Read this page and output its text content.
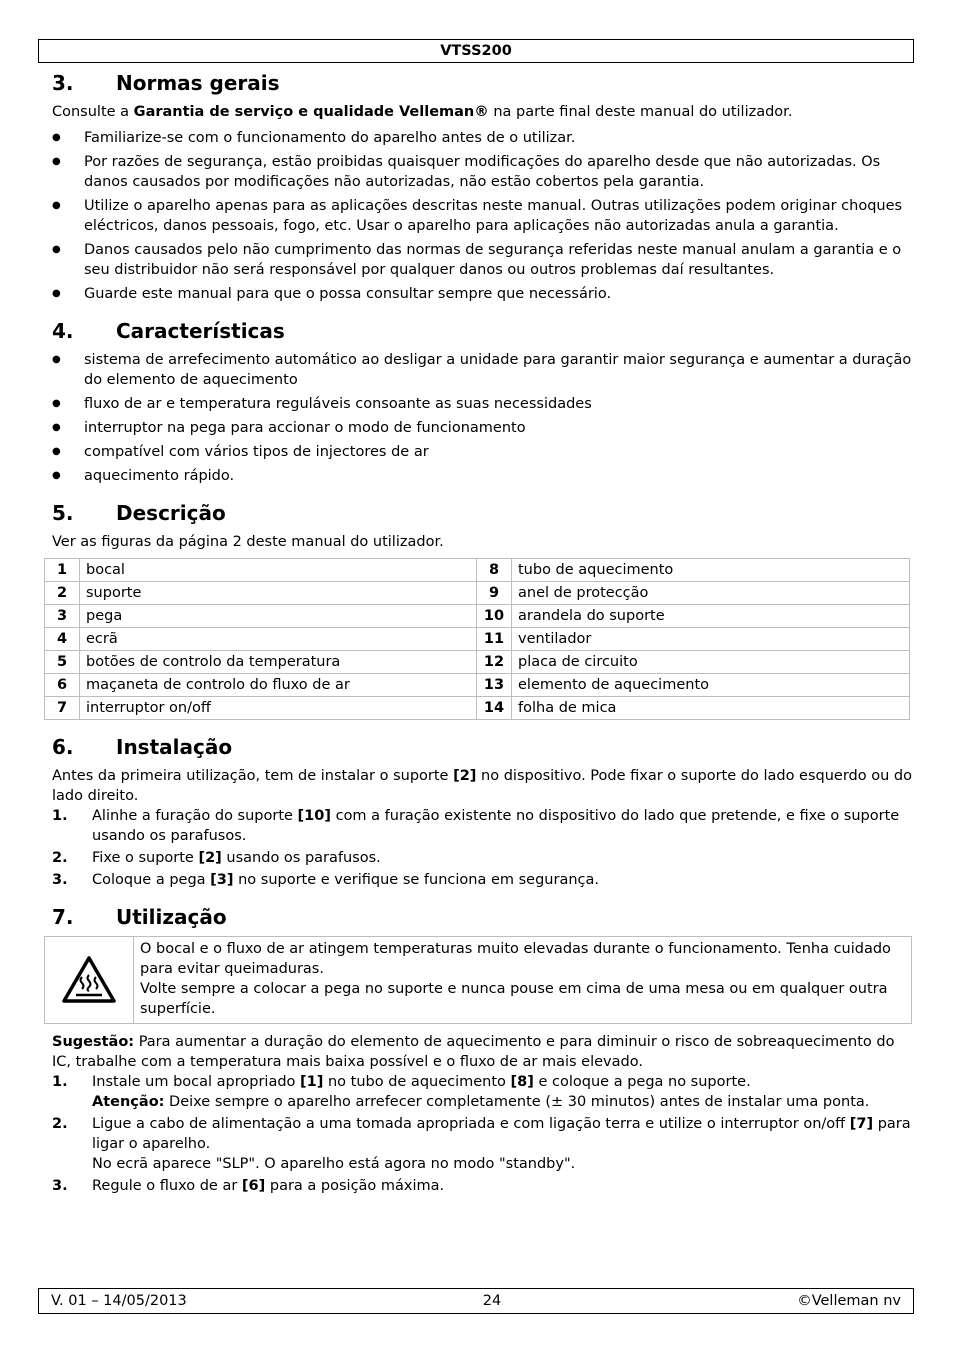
VTSS200
3.	Normas gerais

Consulte a Garantia de serviço e qualidade Velleman® na parte final deste manual do utilizador.

● Familiarize-se com o funcionamento do aparelho antes de o utilizar.
● Por razões de segurança, estão proibidas quaisquer modificações do aparelho desde que não autorizadas. Os danos causados por modificações não autorizadas, não estão cobertos pela garantia.
● Utilize o aparelho apenas para as aplicações descritas neste manual. Outras utilizações podem originar choques eléctricos, danos pessoais, fogo, etc. Usar o aparelho para aplicações não autorizadas anula a garantia.
● Danos causados pelo não cumprimento das normas de segurança referidas neste manual anulam a garantia e o seu distribuidor não será responsável por qualquer danos ou outros problemas daí resultantes.
● Guarde este manual para que o possa consultar sempre que necessário.
4.	Características
● sistema de arrefecimento automático ao desligar a unidade para garantir maior segurança e aumentar a duração do elemento de aquecimento
● fluxo de ar e temperatura reguláveis consoante as suas necessidades
● interruptor na pega para accionar o modo de funcionamento
● compatível com vários tipos de injectores de ar
● aquecimento rápido.
5.	Descrição

Ver as figuras da página 2 deste manual do utilizador.

1	bocal	8	tubo de aquecimento
2	suporte	9	anel de protecção
3	pega	10	arandela do suporte
4	ecrã	11	ventilador
5	botões de controlo da temperatura	12	placa de circuito
6	maçaneta de controlo do fluxo de ar	13	elemento de aquecimento
7	interruptor on/off	14	folha de mica
6.	Instalação

Antes da primeira utilização, tem de instalar o suporte [2] no dispositivo. Pode fixar o suporte do lado esquerdo ou do lado direito.

1.	Alinhe a furação do suporte [10] com a furação existente no dispositivo do lado que pretende, e fixe o suporte usando os parafusos.
2.	Fixe o suporte [2] usando os parafusos.
3.	Coloque a pega [3] no suporte e verifique se funciona em segurança.
7.	Utilização

O bocal e o fluxo de ar atingem temperaturas muito elevadas durante o funcionamento. Tenha cuidado para evitar queimaduras.

Volte sempre a colocar a pega no suporte e nunca pouse em cima de uma mesa ou em qualquer outra superfície.

Sugestão: Para aumentar a duração do elemento de aquecimento e para diminuir o risco de sobreaquecimento do IC, trabalhe com a temperatura mais baixa possível e o fluxo de ar mais elevado.

1.	Instale um bocal apropriado [1] no tubo de aquecimento [8] e coloque a pega no suporte.
Atenção: Deixe sempre o aparelho arrefecer completamente (± 30 minutos) antes de instalar uma ponta.
2.	Ligue a cabo de alimentação a uma tomada apropriada e com ligação terra e utilize o interruptor on/off [7] para ligar o aparelho.
No ecrã aparece "SLP". O aparelho está agora no modo "standby".
3.	Regule o fluxo de ar [6] para a posição máxima.
V. 01 – 14/05/2013	24	©Velleman nv
